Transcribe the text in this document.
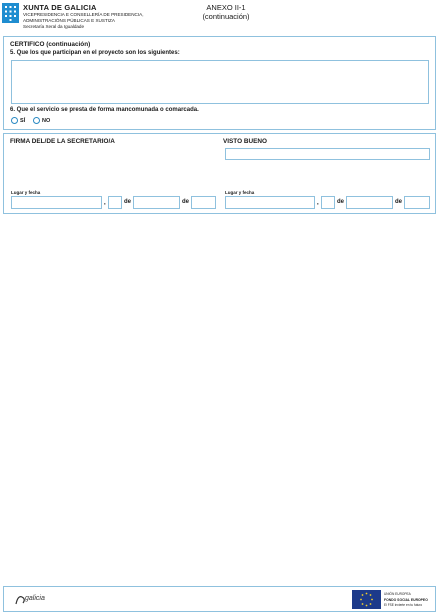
XUNTA DE GALICIA
VICEPRESIDENCIA E CONSELLERÍA DE PRESIDENCIA,
ADMINISTRACIÓNS PÚBLICAS E XUSTIZA
Secretaría Xeral da Igualdade
ANEXO II-1
(continuación)
CERTIFICO (continuación)
5. Que los que participan en el proyecto son los siguientes:
6. Que el servicio se presta de forma mancomunada o comarcada.
SÍ	NO
FIRMA DEL/DE LA SECRETARIO/A	VISTO BUENO
Lugar y fecha
,	de	de
Lugar y fecha
,	de	de
galicia
UNIÓN EUROPEA
FONDO SOCIAL EUROPEO
El FSE invierte en tu futuro
